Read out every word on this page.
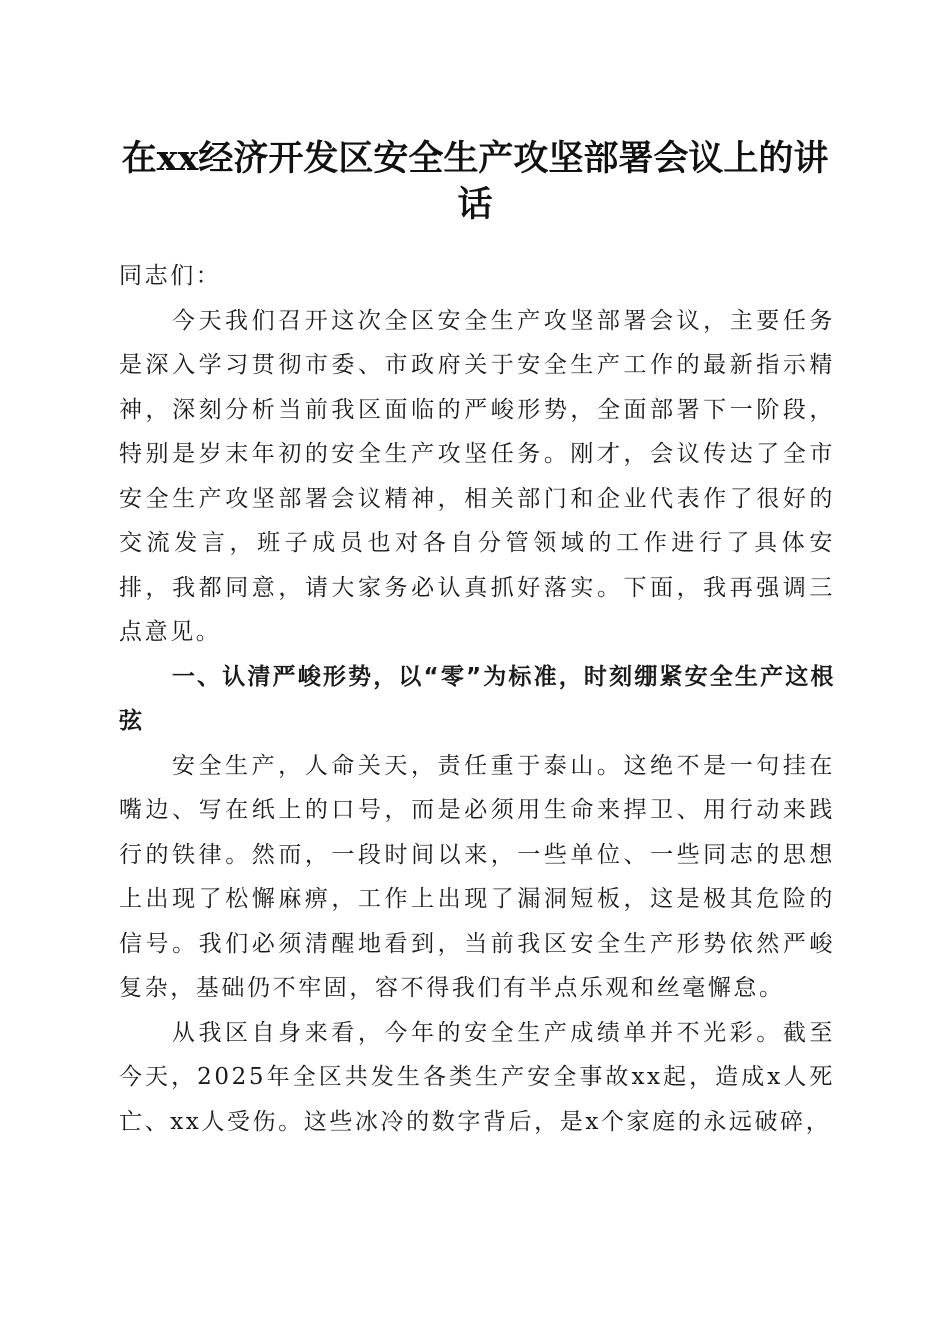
在xx经济开发区安全生产攻坚部署会议上的讲话

同志们：

今天我们召开这次全区安全生产攻坚部署会议，主要任务是深入学习贯彻市委、市政府关于安全生产工作的最新指示精神，深刻分析当前我区面临的严峻形势，全面部署下一阶段，特别是岁末年初的安全生产攻坚任务。刚才，会议传达了全市安全生产攻坚部署会议精神，相关部门和企业代表作了很好的交流发言，班子成员也对各自分管领域的工作进行了具体安排，我都同意，请大家务必认真抓好落实。下面，我再强调三点意见。

一、认清严峻形势，以“零”为标准，时刻绷紧安全生产这根弦

安全生产，人命关天，责任重于泰山。这绝不是一句挂在嘴边、写在纸上的口号，而是必须用生命来捍卫、用行动来践行的铁律。然而，一段时间以来，一些单位、一些同志的思想上出现了松懈麻痹，工作上出现了漏洞短板，这是极其危险的信号。我们必须清醒地看到，当前我区安全生产形势依然严峻复杂，基础仍不牢固，容不得我们有半点乐观和丝毫懈怠。

从我区自身来看，今年的安全生产成绩单并不光彩。截至今天，2025年全区共发生各类生产安全事故xx起，造成x人死亡、xx人受伤。这些冰冷的数字背后，是x个家庭的永远破碎，
